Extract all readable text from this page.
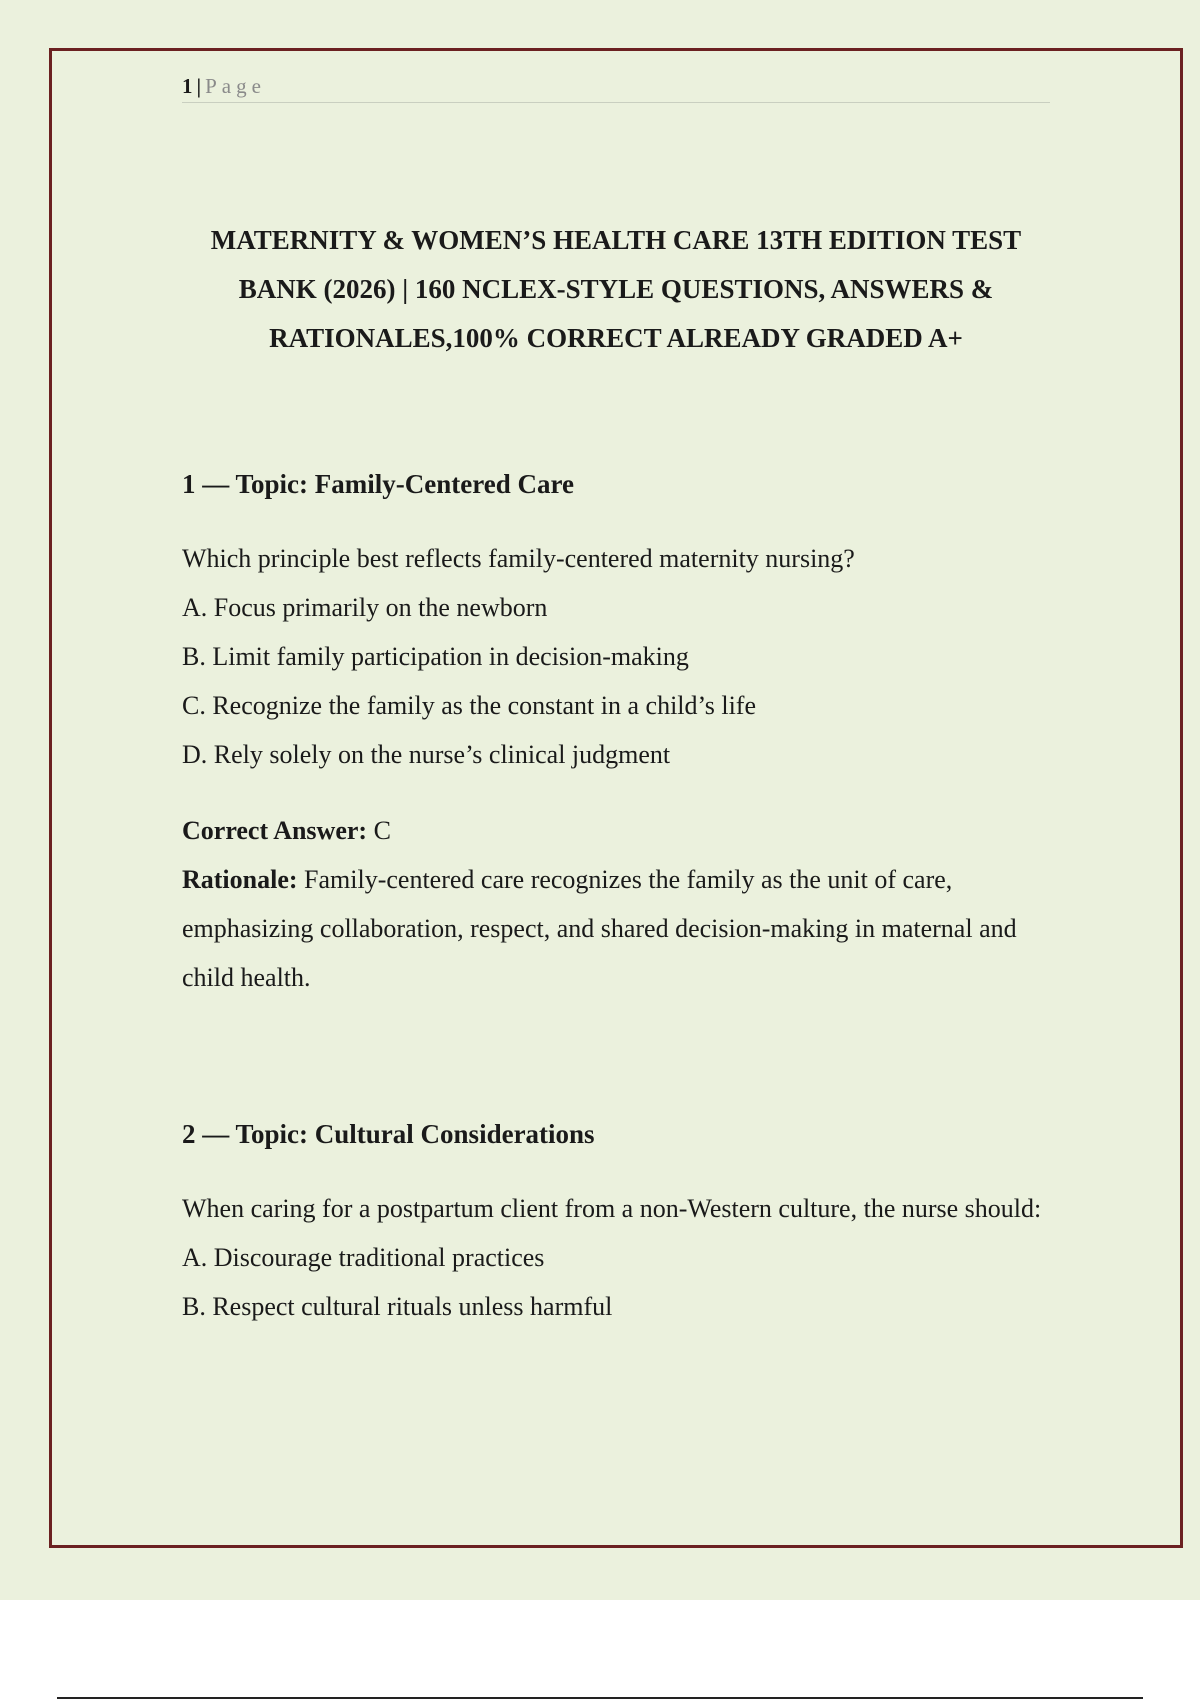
1|Page
MATERNITY & WOMEN’S HEALTH CARE 13TH EDITION TEST
BANK (2026) | 160 NCLEX-STYLE QUESTIONS, ANSWERS &
RATIONALES,100% CORRECT ALREADY GRADED A+

1 — Topic: Family-Centered Care

Which principle best reflects family-centered maternity nursing?

A. Focus primarily on the newborn
B. Limit family participation in decision-making
C. Recognize the family as the constant in a child’s life
D. Rely solely on the nurse’s clinical judgment

Correct Answer: C

Rationale: Family-centered care recognizes the family as the unit of care, emphasizing collaboration, respect, and shared decision-making in maternal and child health.

2 — Topic: Cultural Considerations

When caring for a postpartum client from a non-Western culture, the nurse should:

A. Discourage traditional practices
B. Respect cultural rituals unless harmful
